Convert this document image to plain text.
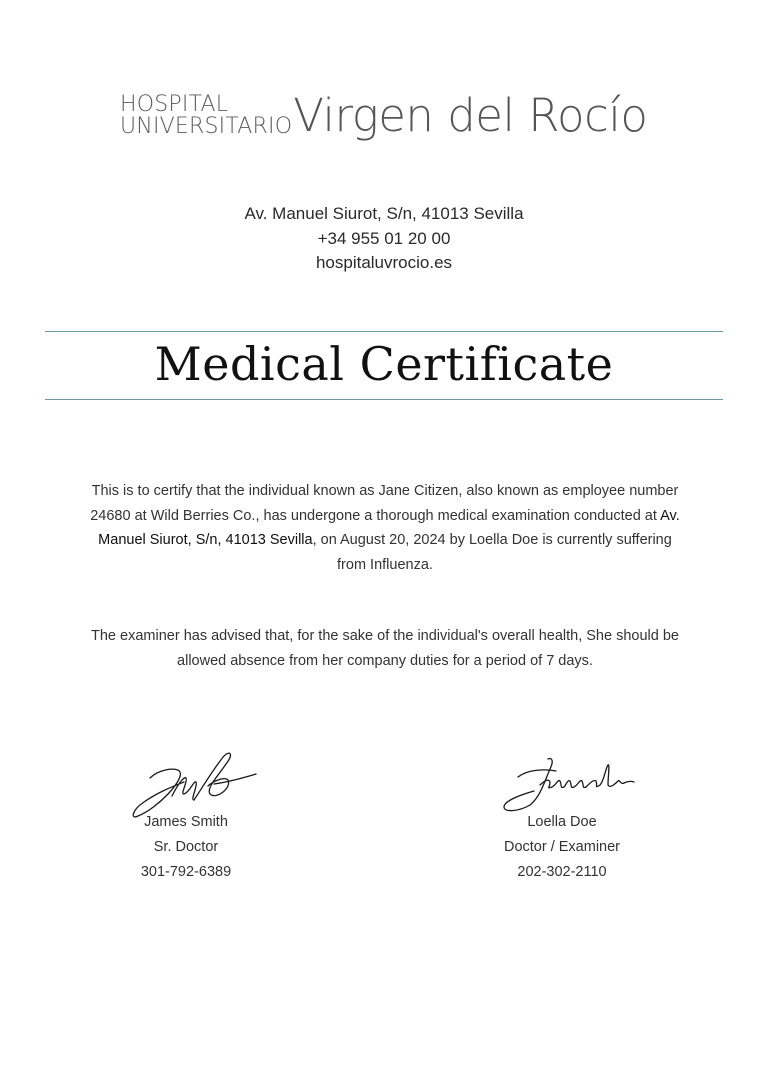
HOSPITAL
UNIVERSITARIO Virgen del Rocío
Av. Manuel Siurot, S/n, 41013 Sevilla
+34 955 01 20 00
hospitaluvrocio.es
Medical Certificate
This is to certify that the individual known as Jane Citizen, also known as employee number 24680 at Wild Berries Co., has undergone a thorough medical examination conducted at Av. Manuel Siurot, S/n, 41013 Sevilla, on August 20, 2024 by Loella Doe is currently suffering from Influenza.
The examiner has advised that, for the sake of the individual's overall health, She should be allowed absence from her company duties for a period of 7 days.
James Smith
Sr. Doctor
301-792-6389
Loella Doe
Doctor / Examiner
202-302-2110
